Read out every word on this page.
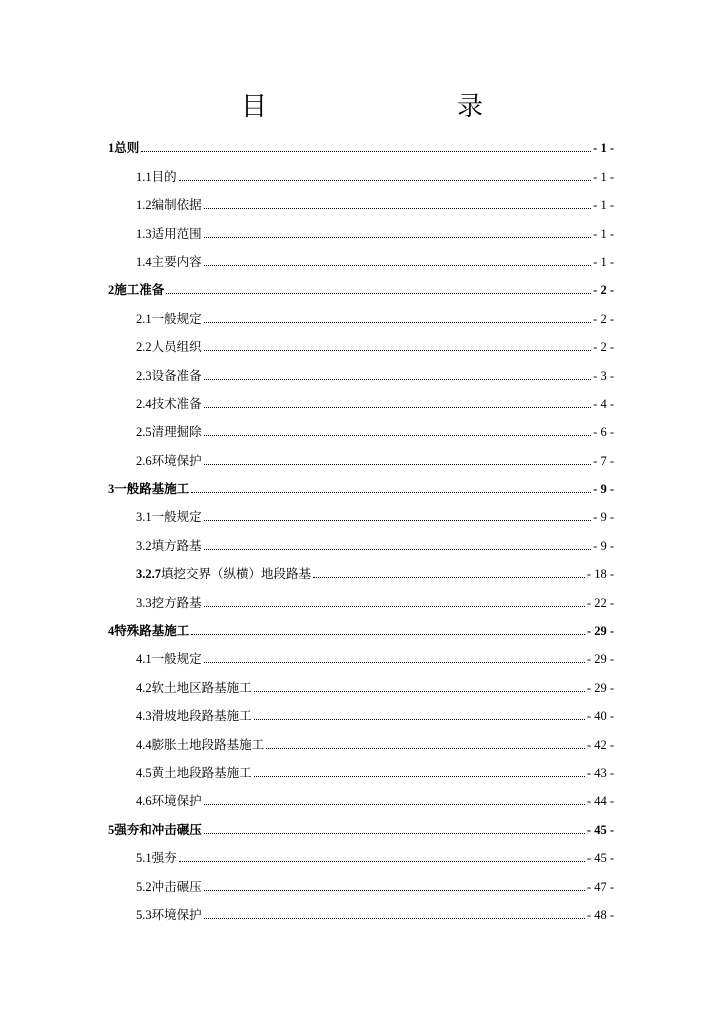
目　　录
1 总则	- 1 -
1.1 目的	- 1 -
1.2 编制依据	- 1 -
1.3 适用范围	- 1 -
1.4 主要内容	- 1 -
2 施工准备	- 2 -
2.1 一般规定	- 2 -
2.2 人员组织	- 2 -
2.3 设备准备	- 3 -
2.4 技术准备	- 4 -
2.5 清理掘除	- 6 -
2.6 环境保护	- 7 -
3 一般路基施工	- 9 -
3.1 一般规定	- 9 -
3.2 填方路基	- 9 -
3.2.7 填挖交界（纵横）地段路基	- 18 -
3.3 挖方路基	- 22 -
4 特殊路基施工	- 29 -
4.1 一般规定	- 29 -
4.2 软土地区路基施工	- 29 -
4.3 滑坡地段路基施工	- 40 -
4.4 膨胀土地段路基施工	- 42 -
4.5 黄土地段路基施工	- 43 -
4.6 环境保护	- 44 -
5 强夯和冲击碾压	- 45 -
5.1 强夯	- 45 -
5.2 冲击碾压	- 47 -
5.3 环境保护	- 48 -
